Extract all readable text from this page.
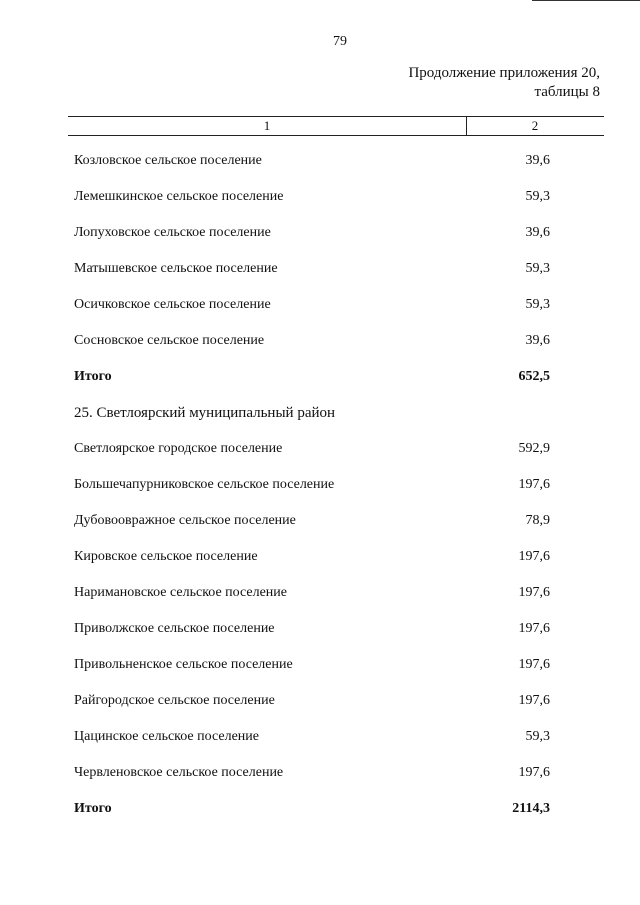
79
Продолжение приложения 20,
таблицы 8
1	2
Козловское сельское поселение	39,6
Лемешкинское сельское поселение	59,3
Лопуховское сельское поселение	39,6
Матышевское сельское поселение	59,3
Осичковское сельское поселение	59,3
Сосновское сельское поселение	39,6
Итого	652,5
25. Светлоярский муниципальный район
Светлоярское городское поселение	592,9
Большечапурниковское сельское поселение	197,6
Дубовоовражное сельское поселение	78,9
Кировское сельское поселение	197,6
Наримановское сельское поселение	197,6
Приволжское сельское поселение	197,6
Привольненское сельское поселение	197,6
Райгородское сельское поселение	197,6
Цацинское сельское поселение	59,3
Червленовское сельское поселение	197,6
Итого	2114,3
